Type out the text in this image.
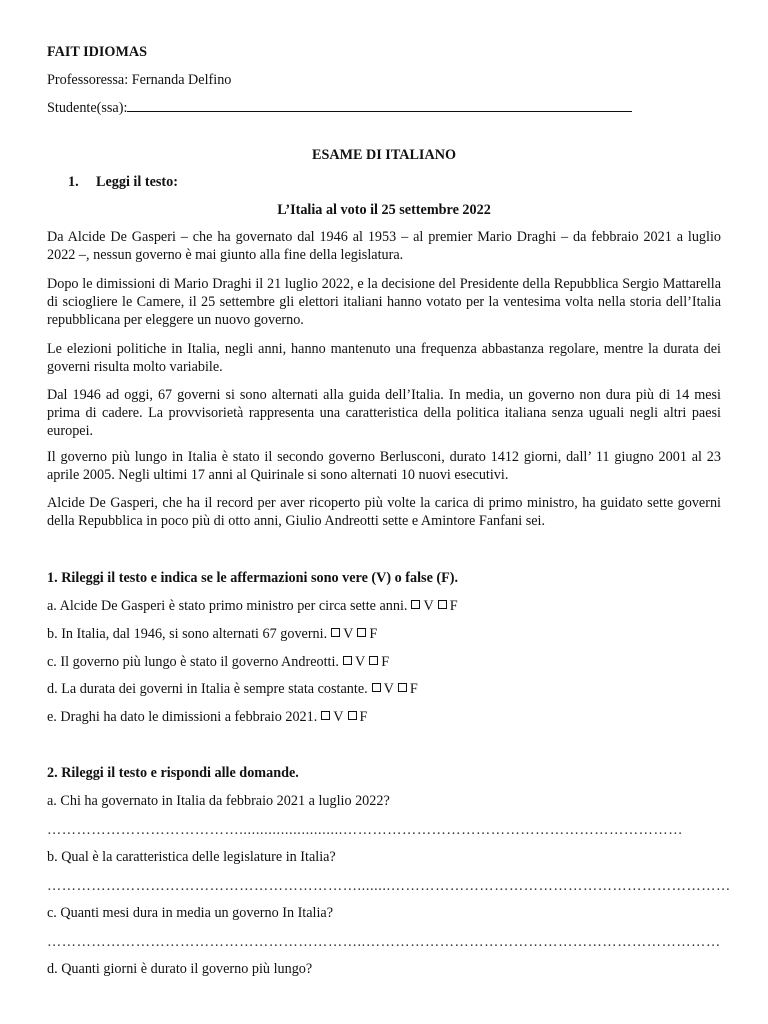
FAIT IDIOMAS
Professoressa: Fernanda Delfino
Studente(ssa):
ESAME DI ITALIANO
1. Leggi il testo:
L’Italia al voto il 25 settembre 2022
Da Alcide De Gasperi – che ha governato dal 1946 al 1953 – al premier Mario Draghi – da febbraio 2021 a luglio 2022 –, nessun governo è mai giunto alla fine della legislatura.
Dopo le dimissioni di Mario Draghi il 21 luglio 2022, e la decisione del Presidente della Repubblica Sergio Mattarella di sciogliere le Camere, il 25 settembre gli elettori italiani hanno votato per la ventesima volta nella storia dell’Italia repubblicana per eleggere un nuovo governo.
Le elezioni politiche in Italia, negli anni, hanno mantenuto una frequenza abbastanza regolare, mentre la durata dei governi risulta molto variabile.
Dal 1946 ad oggi, 67 governi si sono alternati alla guida dell’Italia. In media, un governo non dura più di 14 mesi prima di cadere. La provvisorietà rappresenta una caratteristica della politica italiana senza uguali negli altri paesi europei.
Il governo più lungo in Italia è stato il secondo governo Berlusconi, durato 1412 giorni, dall’ 11 giugno 2001 al 23 aprile 2005. Negli ultimi 17 anni al Quirinale si sono alternati 10 nuovi esecutivi.
Alcide De Gasperi, che ha il record per aver ricoperto più volte la carica di primo ministro, ha guidato sette governi della Repubblica in poco più di otto anni, Giulio Andreotti sette e Amintore Fanfani sei.
1. Rileggi il testo e indica se le affermazioni sono vere (V) o false (F).
a. Alcide De Gasperi è stato primo ministro per circa sette anni. V F
b. In Italia, dal 1946, si sono alternati 67 governi. V F
c. Il governo più lungo è stato il governo Andreotti. V F
d. La durata dei governi in Italia è sempre stata costante. V F
e. Draghi ha dato le dimissioni a febbraio 2021. V F
2. Rileggi il testo e rispondi alle domande.
a. Chi ha governato in Italia da febbraio 2021 a luglio 2022?
………………………………….........................……………………………………………………………
b. Qual è la caratteristica delle legislature in Italia?
………………………………………………………........……………………………………………………………
c. Quanti mesi dura in media un governo In Italia?
………………………………………………………..………………………………………………………………
d. Quanti giorni è durato il governo più lungo?
